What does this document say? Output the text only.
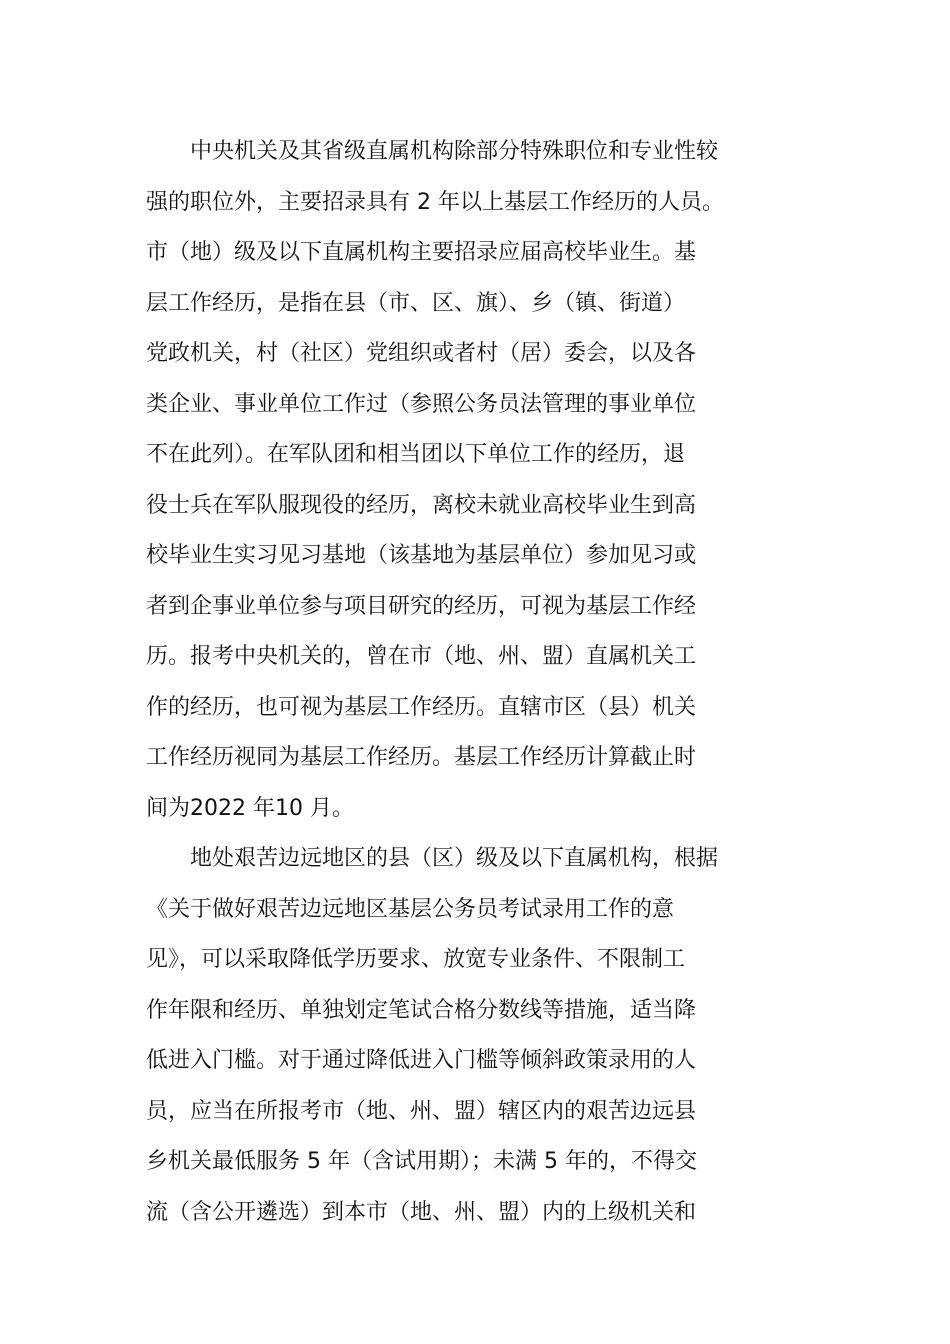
中央机关及其省级直属机构除部分特殊职位和专业性较
强的职位外，主要招录具有 2 年以上基层工作经历的人员。
市（地）级及以下直属机构主要招录应届高校毕业生。基
层工作经历，是指在县（市、区、旗）、乡（镇、街道）
党政机关，村（社区）党组织或者村（居）委会，以及各
类企业、事业单位工作过（参照公务员法管理的事业单位
不在此列）。在军队团和相当团以下单位工作的经历，退
役士兵在军队服现役的经历，离校未就业高校毕业生到高
校毕业生实习见习基地（该基地为基层单位）参加见习或
者到企事业单位参与项目研究的经历，可视为基层工作经
历。报考中央机关的，曾在市（地、州、盟）直属机关工
作的经历，也可视为基层工作经历。直辖市区（县）机关
工作经历视同为基层工作经历。基层工作经历计算截止时
间为2022 年10 月。
地处艰苦边远地区的县（区）级及以下直属机构，根据
《关于做好艰苦边远地区基层公务员考试录用工作的意
见》，可以采取降低学历要求、放宽专业条件、不限制工
作年限和经历、单独划定笔试合格分数线等措施，适当降
低进入门槛。对于通过降低进入门槛等倾斜政策录用的人
员，应当在所报考市（地、州、盟）辖区内的艰苦边远县
乡机关最低服务 5 年（含试用期）；未满 5 年的，不得交
流（含公开遴选）到本市（地、州、盟）内的上级机关和
